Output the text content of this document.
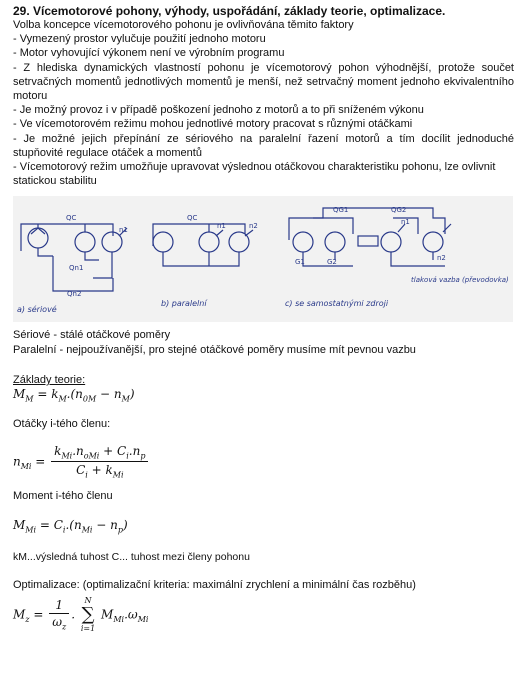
29. Vícemotorové pohony, výhody, uspořádání, základy teorie, optimalizace.

Volba koncepce vícemotorového pohonu je ovlivňována těmito faktory

- Vymezený prostor vylučuje použití jednoho motoru

- Motor vyhovující výkonem není ve výrobním programu

- Z hlediska dynamických vlastností pohonu je vícemotorový pohon výhodnější, protože součet setrvačných momentů jednotlivých momentů je menší, než setrvačný moment jednoho ekvivalentního motoru

- Je možný provoz i v případě poškození jednoho z motorů a to při sníženém výkonu

- Ve vícemotorovém režimu mohou jednotlivé motory pracovat s různými otáčkami

- Je možné jejich přepínání ze sériového na paralelní řazení motorů a tím docílit jednoduché stupňovité regulace otáček a momentů

- Vícemotorový režim umožňuje upravovat výslednou otáčkovou charakteristiku pohonu, lze ovlivnit statickou stabilitu

QC
n1
Qn1
Qn2
a) sériové
QC
n1	n2
b) paralelní
QG1	QG2
G1	G2
n1
n2
tlaková vazba (převodovka)
c) se samostatnými zdroji

Sériové - stálé otáčkové poměry

Paralelní - nejpoužívanější, pro stejné otáčkové poměry musíme mít pevnou vazbu

Základy teorie:
$M_M = k_M.(n_{0M} - n_M)$
Otáčky i-tého členu:
$n_{Mi} = \frac{k_{Mi}.n_{oMi} + C_i.n_p}{C_i + k_{Mi}}$
Moment i-tého členu
$M_{Mi} = C_i.(n_{Mi} - n_p)$
kM...výsledná tuhost C... tuhost mezi členy pohonu
Optimalizace: (optimalizační kriteria: maximální zrychlení a minimální čas rozběhu)
$M_z = \frac{1}{\omega_z}$ .
N
∑
i=1
$M_{Mi}.\omega_{Mi}$
